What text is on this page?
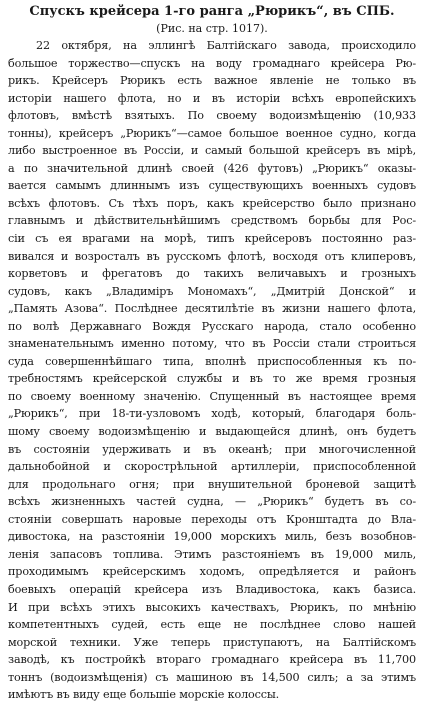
Спускъ крейсера 1-го ранга „Рюрикъ“, въ СПБ.
(Рис. на стр. 1017).
22 октября, на эллингѣ Балтійскаго завода, происходило
большое торжество—спускъ на воду громаднаго крейсера Рю-
рикъ. Крейсеръ Рюрикъ есть важное явленіе не только въ
исторіи нашего флота, но и въ исторіи всѣхъ европейскихъ
флотовъ, вмѣстѣ взятыхъ. По своему водоизмѣщенію (10,933
тонны), крейсеръ „Рюрикъ“—самое большое военное судно, когда
либо выстроенное въ Россіи, и самый большой крейсеръ въ мірѣ,
а по значительной длинѣ своей (426 футовъ) „Рюрикъ“ оказы-
вается самымъ длиннымъ изъ существующихъ военныхъ судовъ
всѣхъ флотовъ. Съ тѣхъ поръ, какъ крейсерство было признано
главнымъ и дѣйствительнѣйшимъ средствомъ борьбы для Рос-
сіи съ ея врагами на морѣ, типъ крейсеровъ постоянно раз-
вивался и возросталъ въ русскомъ флотѣ, восходя отъ клиперовъ,
корветовъ и фрегатовъ до такихъ величавыхъ и грозныхъ
судовъ, какъ „Владиміръ Мономахъ“, „Дмитрій Донской“ и
„Память Азова“. Послѣднее десятилѣтіе въ жизни нашего флота,
по волѣ Державнаго Вождя Русскаго народа, стало особенно
знаменательнымъ именно потому, что въ Россіи стали строиться
суда совершеннѣйшаго типа, вполнѣ приспособленныя къ по-
требностямъ крейсерской службы и въ то же время грозныя
по своему военному значенію. Спущенный въ настоящее время
„Рюрикъ“, при 18-ти-узловомъ ходѣ, который, благодаря боль-
шому своему водоизмѣщенію и выдающейся длинѣ, онъ будетъ
въ состояніи удерживать и въ океанѣ; при многочисленной
дальнобойной и скорострѣльной артиллеріи, приспособленной
для продольнаго огня; при внушительной броневой защитѣ
всѣхъ жизненныхъ частей судна, — „Рюрикъ“ будетъ въ со-
стояніи совершать наровые переходы отъ Кронштадта до Вла-
дивостока, на разстояніи 19,000 морскихъ миль, безъ возобнов-
ленія запасовъ топлива. Этимъ разстояніемъ въ 19,000 миль,
проходимымъ крейсерскимъ ходомъ, опредѣляется и районъ
боевыхъ операцій крейсера изъ Владивостока, какъ базиса.
И при всѣхъ этихъ высокихъ качествахъ, Рюрикъ, по мнѣнію
компетентныхъ судей, есть еще не послѣднее слово нашей
морской техники. Уже теперь приступаютъ, на Балтійскомъ
заводѣ, къ постройкѣ втораго громаднаго крейсера въ 11,700
тоннъ (водоизмѣщенія) съ машиною въ 14,500 силъ; а за этимъ
имѣютъ въ виду еще большіе морскіе колоссы.
